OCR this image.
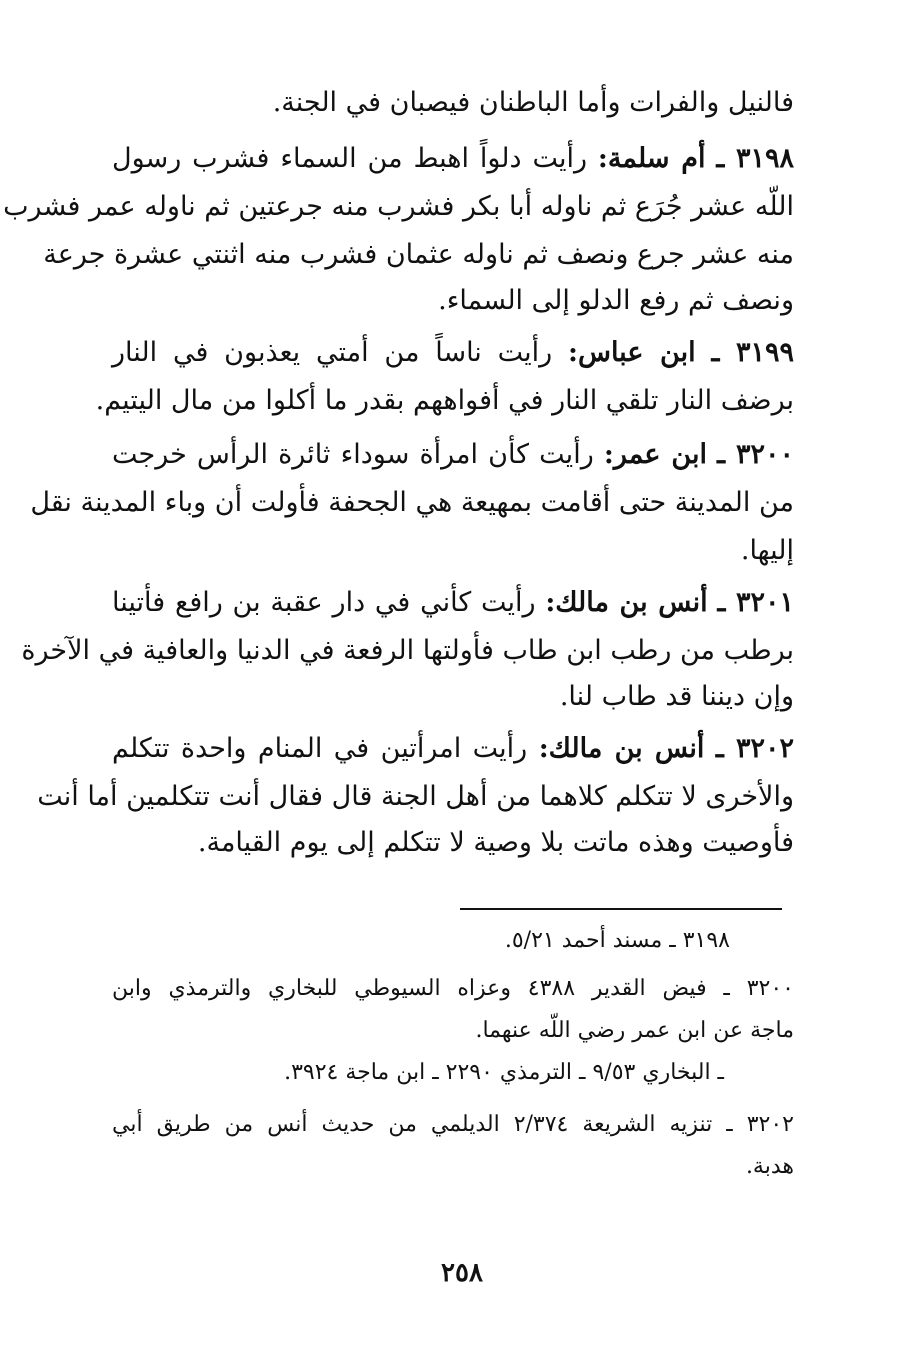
فالنيل والفرات وأما الباطنان فيصبان في الجنة.
٣١٩٨ ـ أم سلمة: رأيت دلواً اهبط من السماء فشرب رسول
اللّه عشر جُرَع ثم ناوله أبا بكر فشرب منه جرعتين ثم ناوله عمر فشرب
منه عشر جرع ونصف ثم ناوله عثمان فشرب منه اثنتي عشرة جرعة
ونصف ثم رفع الدلو إلى السماء.
٣١٩٩ ـ ابن عباس: رأيت ناساً من أمتي يعذبون في النار
برضف النار تلقي النار في أفواههم بقدر ما أكلوا من مال اليتيم.
٣٢٠٠ ـ ابن عمر: رأيت كأن امرأة سوداء ثائرة الرأس خرجت
من المدينة حتى أقامت بمهيعة هي الجحفة فأولت أن وباء المدينة نقل
إليها.
٣٢٠١ ـ أنس بن مالك: رأيت كأني في دار عقبة بن رافع فأتينا
برطب من رطب ابن طاب فأولتها الرفعة في الدنيا والعافية في الآخرة
وإن ديننا قد طاب لنا.
٣٢٠٢ ـ أنس بن مالك: رأيت امرأتين في المنام واحدة تتكلم
والأخرى لا تتكلم كلاهما من أهل الجنة قال فقال أنت تتكلمين أما أنت
فأوصيت وهذه ماتت بلا وصية لا تتكلم إلى يوم القيامة.
٣١٩٨ ـ مسند أحمد ٥/٢١.
٣٢٠٠ ـ فيض القدير ٤٣٨٨ وعزاه السيوطي للبخاري والترمذي وابن
ماجة عن ابن عمر رضي اللّه عنهما.
ـ البخاري ٩/٥٣ ـ الترمذي ٢٢٩٠ ـ ابن ماجة ٣٩٢٤.
٣٢٠٢ ـ تنزيه الشريعة ٢/٣٧٤ الديلمي من حديث أنس من طريق أبي
هدبة.
٢٥٨
